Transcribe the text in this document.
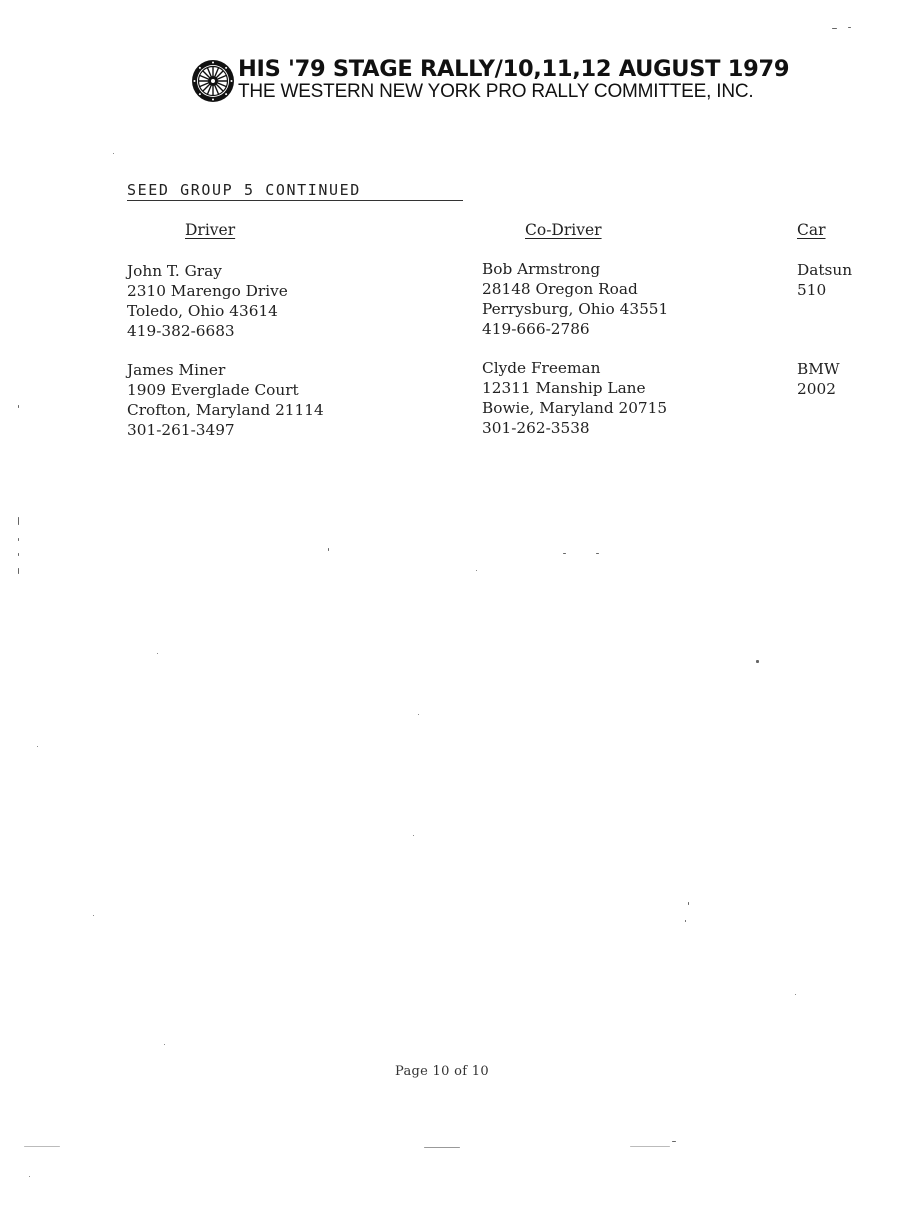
HIS '79 STAGE RALLY/10,11,12 AUGUST 1979
THE WESTERN NEW YORK PRO RALLY COMMITTEE, INC.
SEED GROUP 5 CONTINUED
Driver	Co-Driver	Car
John T. Gray
2310 Marengo Drive
Toledo, Ohio 43614
419-382-6683
Bob Armstrong
28148 Oregon Road
Perrysburg, Ohio 43551
419-666-2786
Datsun
510
James Miner
1909 Everglade Court
Crofton, Maryland 21114
301-261-3497
Clyde Freeman
12311 Manship Lane
Bowie, Maryland 20715
301-262-3538
BMW
2002
Page 10 of 10
